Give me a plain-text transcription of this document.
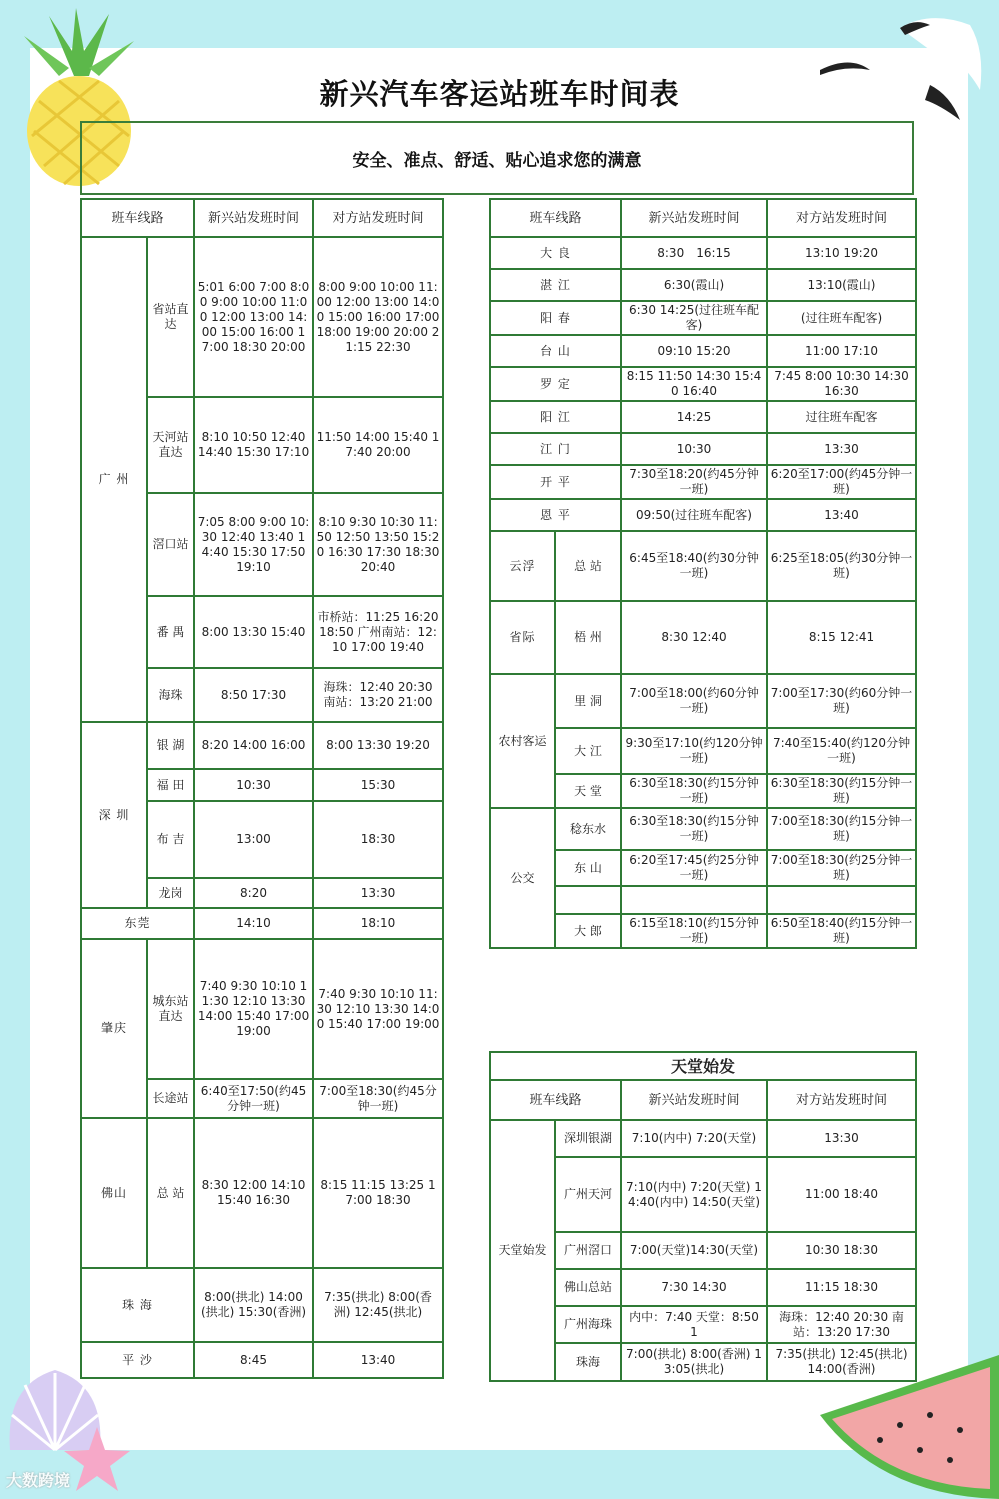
新兴汽车客运站班车时间表
安全、准点、舒适、贴心追求您的满意
班车线路		新兴站发班时间	对方站发班时间
广 州	省站直达	5:01 6:00 7:00 8:00 9:00 10:00 11:00 12:00 13:00 14:00 15:00 16:00 17:00 18:30 20:00	8:00 9:00 10:00 11:00 12:00 13:00 14:00 15:00 16:00 17:00 18:00 19:00 20:00 21:15 22:30
	天河站直达	8:10 10:50 12:40 14:40 15:30 17:10	11:50 14:00 15:40 17:40 20:00
	滘口站	7:05 8:00 9:00 10:30 12:40 13:40 14:40 15:30 17:50 19:10	8:10 9:30 10:30 11:50 12:50 13:50 15:20 16:30 17:30 18:30 20:40
	番 禺	8:00 13:30 15:40	市桥站：11:25 16:20 18:50 广州南站：12:10 17:00 19:40
	海珠	8:50 17:30	海珠：12:40 20:30 南站：13:20 21:00
深 圳	银 湖	8:20 14:00 16:00	8:00 13:30 19:20
	福 田	10:30	15:30
	布 吉	13:00	18:30
	龙岗	8:20	13:30
东莞		14:10	18:10
肇庆	城东站直达	7:40 9:30 10:10 11:30 12:10 13:30 14:00 15:40 17:00 19:00	7:40 9:30 10:10 11:30 12:10 13:30 14:00 15:40 17:00 19:00
	长途站	6:40至17:50(约45分钟一班)	7:00至18:30(约45分钟一班)
佛山	总 站	8:30 12:00 14:10 15:40 16:30	8:15 11:15 13:25 17:00 18:30
珠 海		8:00(拱北) 14:00(拱北) 15:30(香洲)	7:35(拱北) 8:00(香洲) 12:45(拱北)
平 沙		8:45	13:40
班车线路		新兴站发班时间	对方站发班时间
大 良		8:30　16:15	13:10 19:20
湛 江		6:30(霞山)	13:10(霞山)
阳 春		6:30 14:25(过往班车配客)	(过往班车配客)
台 山		09:10 15:20	11:00 17:10
罗 定		8:15 11:50 14:30 15:40 16:40	7:45 8:00 10:30 14:30 16:30
阳 江		14:25	过往班车配客
江 门		10:30	13:30
开 平		7:30至18:20(约45分钟一班)	6:20至17:00(约45分钟一班)
恩 平		09:50(过往班车配客)	13:40
云浮	总 站	6:45至18:40(约30分钟一班)	6:25至18:05(约30分钟一班)
省际	梧 州	8:30 12:40	8:15 12:41
农村客运	里 洞	7:00至18:00(约60分钟一班)	7:00至17:30(约60分钟一班)
	大 江	9:30至17:10(约120分钟一班)	7:40至15:40(约120分钟一班)
	天 堂	6:30至18:30(约15分钟一班)	6:30至18:30(约15分钟一班)
公交	稔东水	6:30至18:30(约15分钟一班)	7:00至18:30(约15分钟一班)
	东 山	6:20至17:45(约25分钟一班)	7:00至18:30(约25分钟一班)

	大 郎	6:15至18:10(约15分钟一班)	6:50至18:40(约15分钟一班)
天堂始发			
班车线路		新兴站发班时间	对方站发班时间
天堂始发	深圳银湖	7:10(内中) 7:20(天堂)	13:30
	广州天河	7:10(内中) 7:20(天堂) 14:40(内中) 14:50(天堂)	11:00 18:40
	广州滘口	7:00(天堂)14:30(天堂)	10:30 18:30
	佛山总站	7:30 14:30	11:15 18:30
	广州海珠	内中：7:40 天堂：8:50 1	海珠：12:40 20:30 南站：13:20 17:30
	珠海	7:00(拱北) 8:00(香洲) 13:05(拱北)	7:35(拱北) 12:45(拱北) 14:00(香洲)
大数跨境
